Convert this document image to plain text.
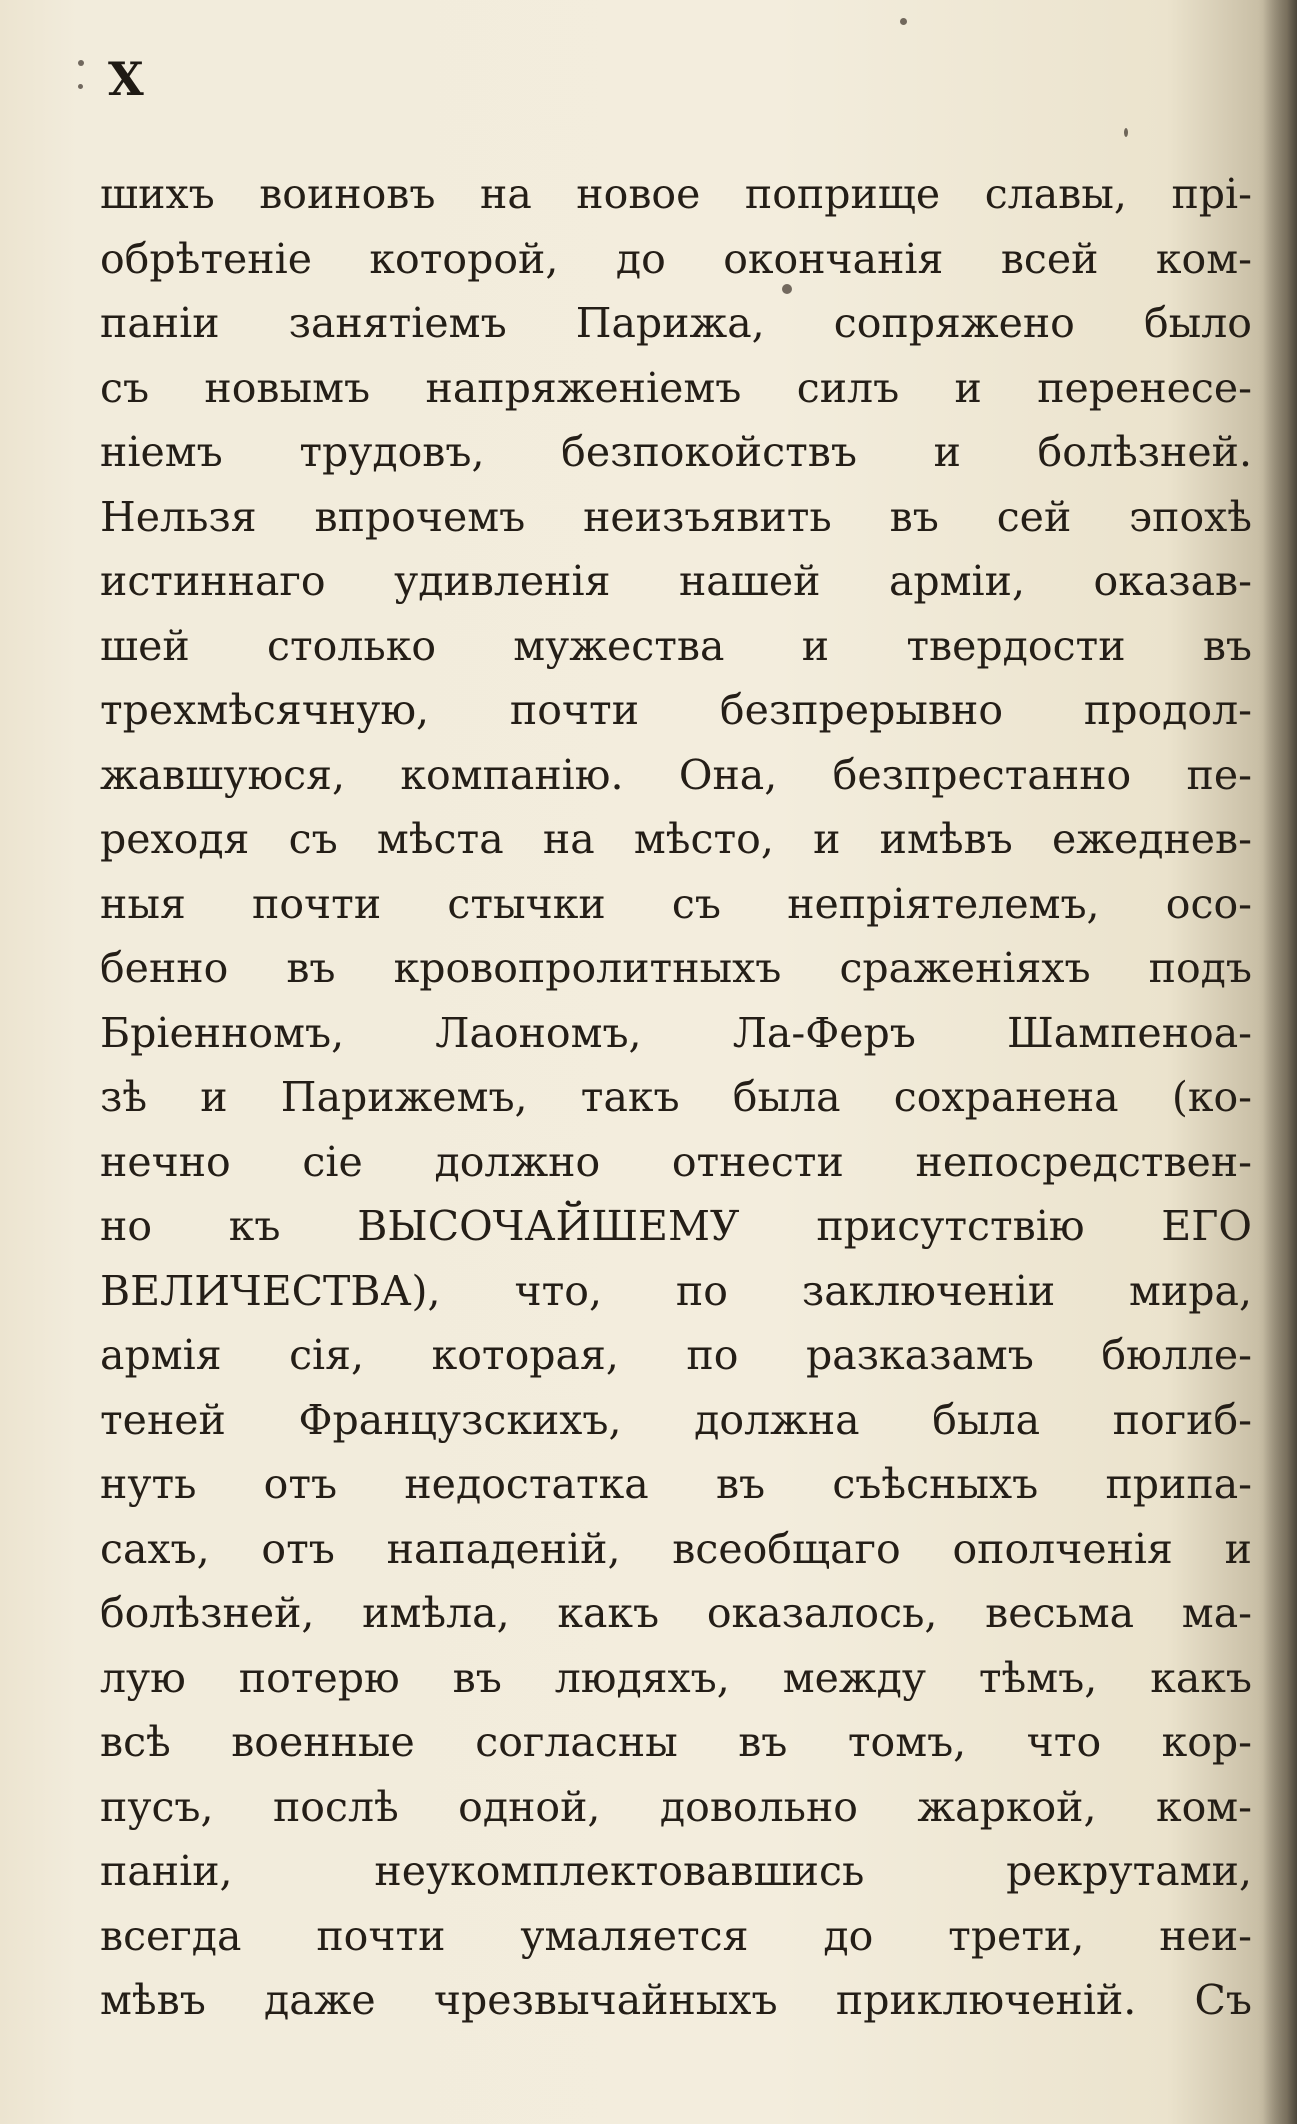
X
шихъ воиновъ на новое поприще славы, прі-
обрѣтеніе которой, до окончанія всей ком-
паніи занятіемъ Парижа, сопряжено было
съ новымъ напряженіемъ силъ и перенесе-
ніемъ трудовъ, безпокойствъ и болѣзней.
Нельзя впрочемъ неизъявить въ сей эпохѣ
истиннаго удивленія нашей арміи, оказав-
шей столько мужества и твердости въ
трехмѣсячную, почти безпрерывно продол-
жавшуюся, компанію. Она, безпрестанно пе-
реходя съ мѣста на мѣсто, и имѣвъ ежеднев-
ныя почти стычки съ непріятелемъ, осо-
бенно въ кровопролитныхъ сраженіяхъ подъ
Бріенномъ, Лаономъ, Ла-Феръ Шампеноа-
зѣ и Парижемъ, такъ была сохранена (ко-
нечно сіе должно отнести непосредствен-
но къ ВЫСОЧАЙШЕМУ присутствію ЕГО
ВЕЛИЧЕСТВА), что, по заключеніи мира,
армія сія, которая, по разказамъ бюлле-
теней Французскихъ, должна была погиб-
нуть отъ недостатка въ съѣсныхъ припа-
сахъ, отъ нападеній, всеобщаго ополченія и
болѣзней, имѣла, какъ оказалось, весьма ма-
лую потерю въ людяхъ, между тѣмъ, какъ
всѣ военные согласны въ томъ, что кор-
пусъ, послѣ одной, довольно жаркой, ком-
паніи, неукомплектовавшись рекрутами,
всегда почти умаляется до трети, неи-
мѣвъ даже чрезвычайныхъ приключеній. Съ
